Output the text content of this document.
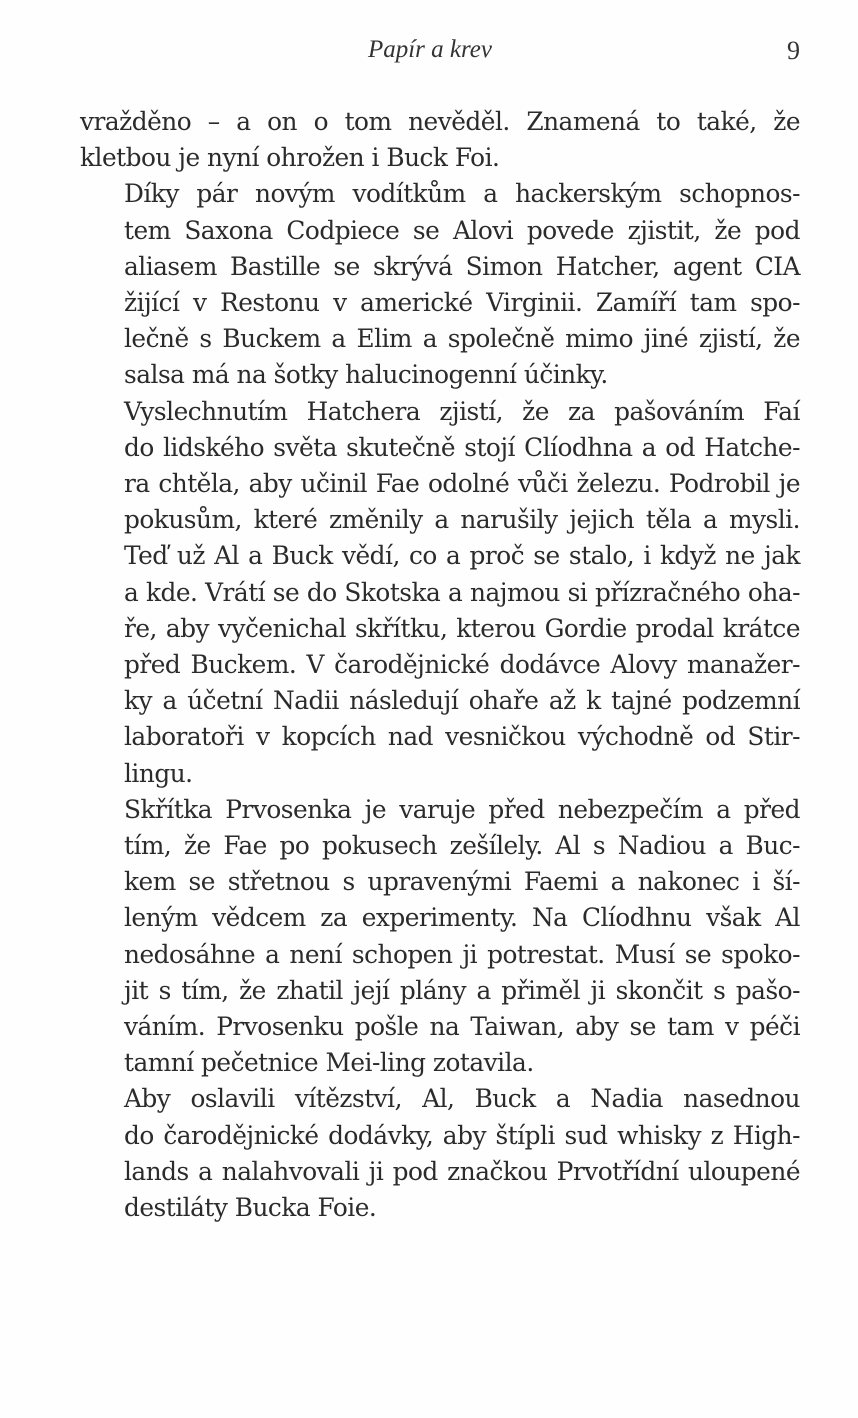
Papír a krev	9

vražděno – a on o tom nevěděl. Znamená to také, že
kletbou je nyní ohrožen i Buck Foi.

Díky pár novým vodítkům a hackerským schopnos-
tem Saxona Codpiece se Alovi povede zjistit, že pod
aliasem Bastille se skrývá Simon Hatcher, agent CIA
žijící v Restonu v americké Virginii. Zamíří tam spo-
lečně s Buckem a Elim a společně mimo jiné zjistí, že
salsa má na šotky halucinogenní účinky.

Vyslechnutím Hatchera zjistí, že za pašováním Faí
do lidského světa skutečně stojí Clíodhna a od Hatche-
ra chtěla, aby učinil Fae odolné vůči železu. Podrobil je
pokusům, které změnily a narušily jejich těla a mysli.
Teď už Al a Buck vědí, co a proč se stalo, i když ne jak
a kde. Vrátí se do Skotska a najmou si přízračného oha-
ře, aby vyčenichal skřítku, kterou Gordie prodal krátce
před Buckem. V čarodějnické dodávce Alovy manažer-
ky a účetní Nadii následují ohaře až k tajné podzemní
laboratoři v kopcích nad vesničkou východně od Stir-
lingu.

Skřítka Prvosenka je varuje před nebezpečím a před
tím, že Fae po pokusech zešílely. Al s Nadiou a Buc-
kem se střetnou s upravenými Faemi a nakonec i ší-
leným vědcem za experimenty. Na Clíodhnu však Al
nedosáhne a není schopen ji potrestat. Musí se spoko-
jit s tím, že zhatil její plány a přiměl ji skončit s pašo-
váním. Prvosenku pošle na Taiwan, aby se tam v péči
tamní pečetnice Mei-ling zotavila.

Aby oslavili vítězství, Al, Buck a Nadia nasednou
do čarodějnické dodávky, aby štípli sud whisky z High-
lands a nalahvovali ji pod značkou Prvotřídní uloupené
destiláty Bucka Foie.
